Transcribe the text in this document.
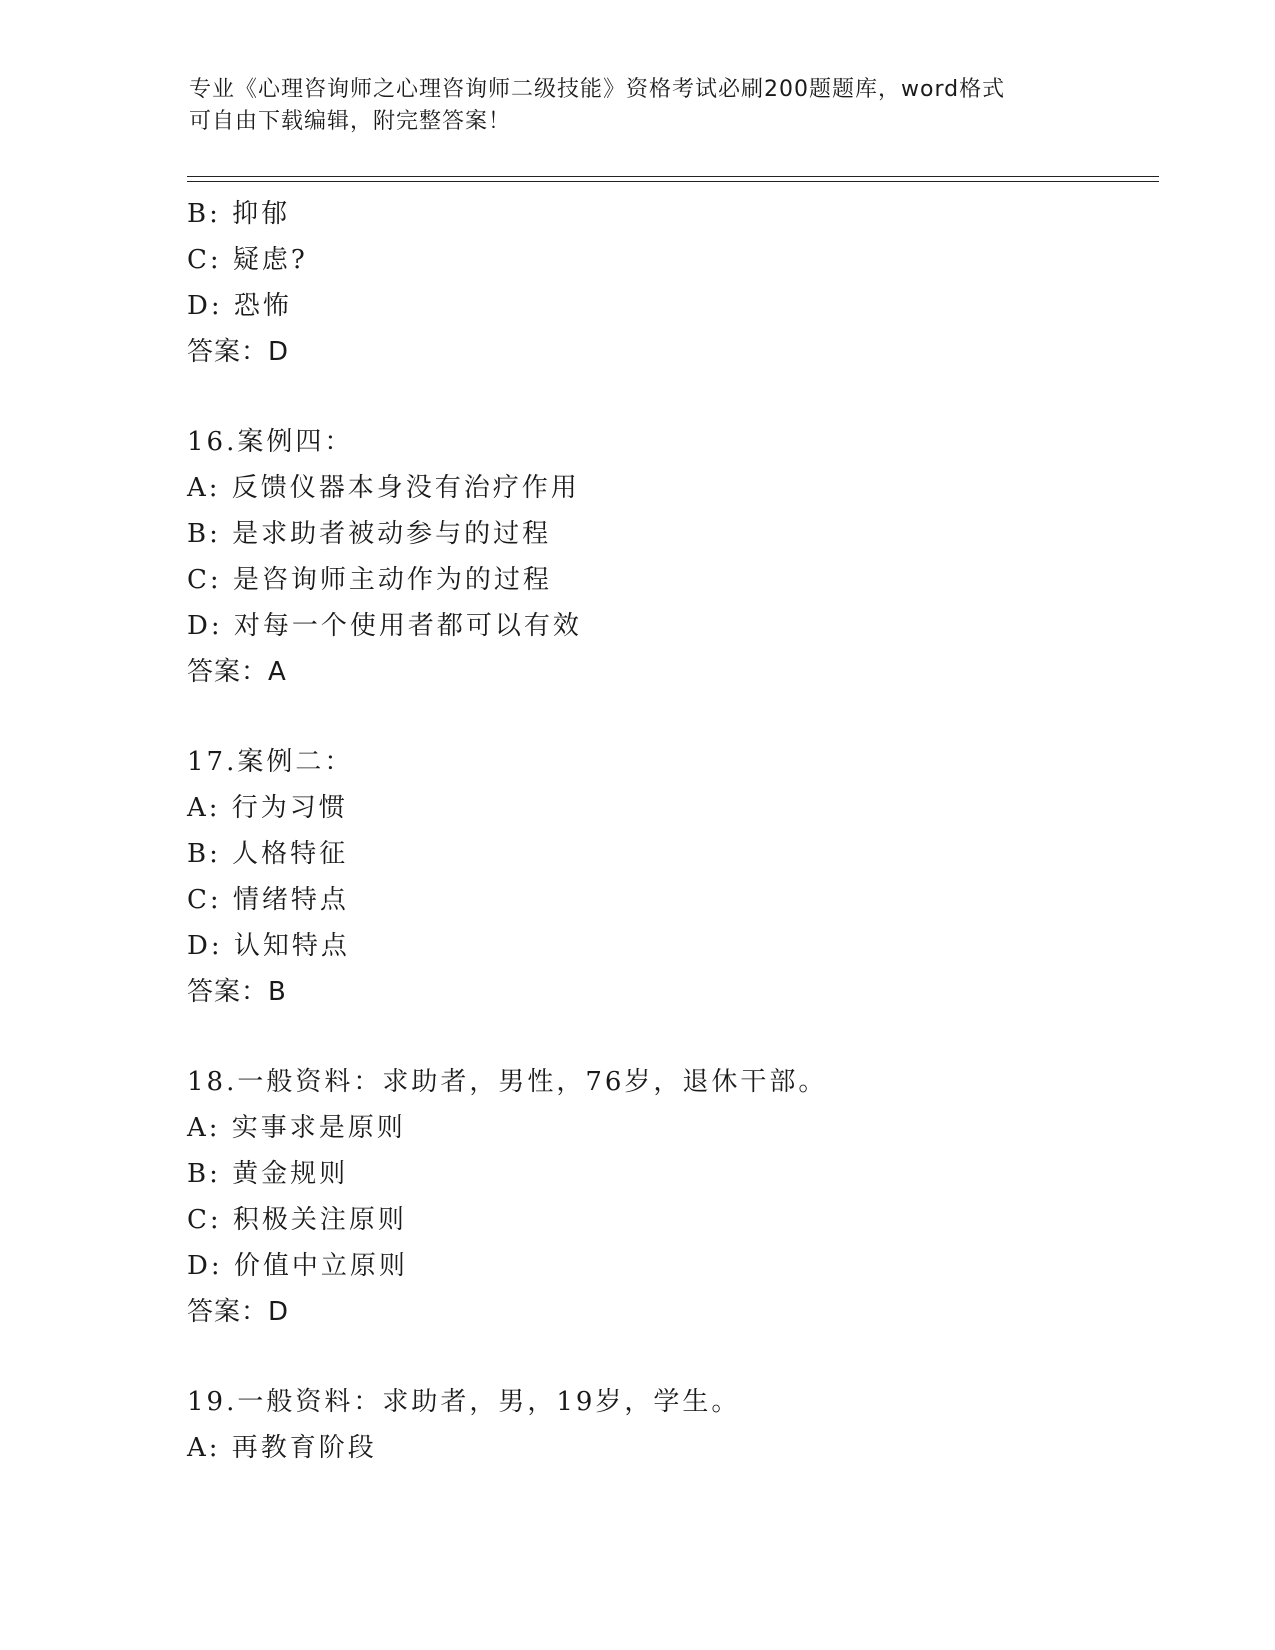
专业《心理咨询师之心理咨询师二级技能》资格考试必刷200题题库，word格式
可自由下载编辑，附完整答案！
B: 抑郁
C: 疑虑?
D: 恐怖
答案：D
16.案例四：
A: 反馈仪器本身没有治疗作用
B: 是求助者被动参与的过程
C: 是咨询师主动作为的过程
D: 对每一个使用者都可以有效
答案：A
17.案例二：
A: 行为习惯
B: 人格特征
C: 情绪特点
D: 认知特点
答案：B
18.一般资料：求助者，男性，76岁，退休干部。
A: 实事求是原则
B: 黄金规则
C: 积极关注原则
D: 价值中立原则
答案：D
19.一般资料：求助者，男，19岁，学生。
A: 再教育阶段
